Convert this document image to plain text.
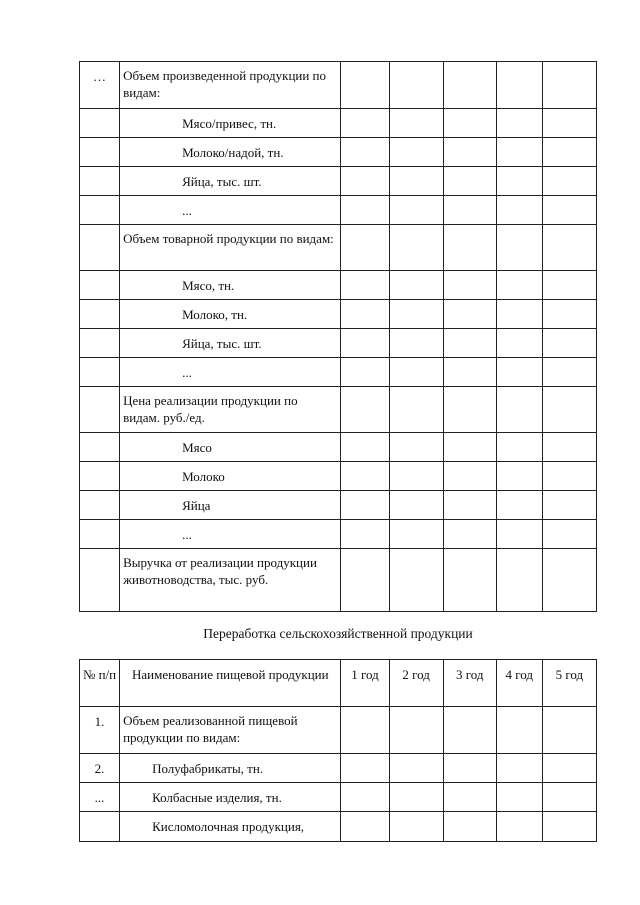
…	Объем произведенной продукции по видам:					
	Мясо/привес, тн.					
	Молоко/надой, тн.					
	Яйца, тыс. шт.					
	...					
	Объем товарной продукции по видам:					
	Мясо, тн.					
	Молоко, тн.					
	Яйца, тыс. шт.					
	...					
	Цена реализации продукции по видам. руб./ед.					
	Мясо					
	Молоко					
	Яйца					
	...					
	Выручка от реализации продукции животноводства, тыс. руб.					
Переработка сельскохозяйственной продукции
№ п/п	Наименование пищевой продукции	1 год	2 год	3 год	4 год	5 год
1.	Объем реализованной пищевой продукции по видам:					
2.	Полуфабрикаты, тн.					
...	Колбасные изделия, тн.					
	Кисломолочная продукция,					
